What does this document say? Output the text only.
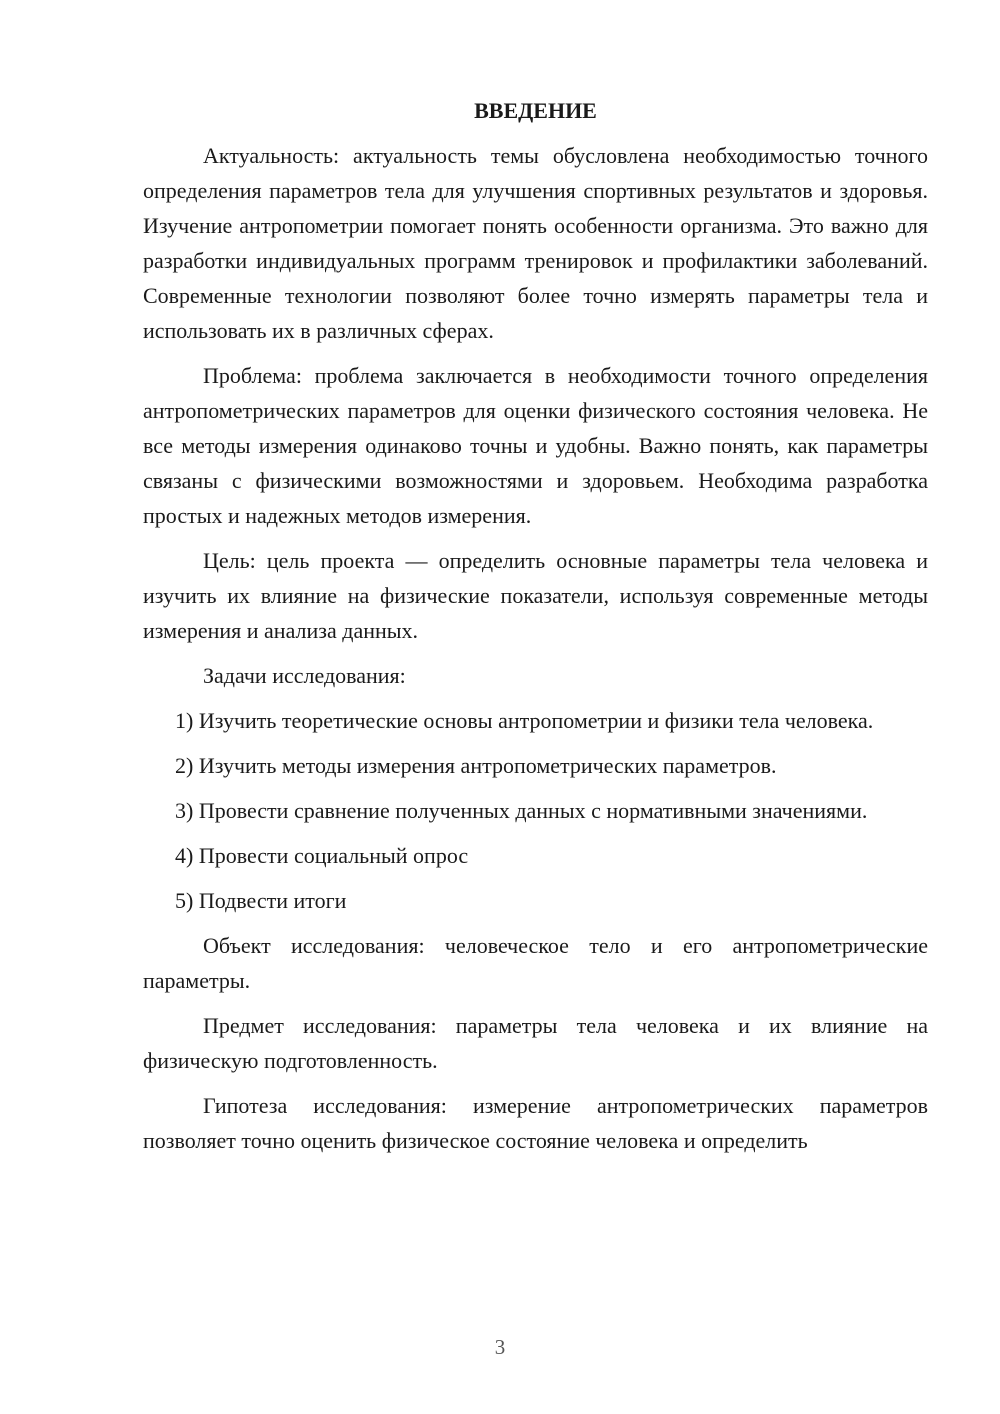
ВВЕДЕНИЕ

Актуальность: актуальность темы обусловлена необходимостью точного определения параметров тела для улучшения спортивных результатов и здоровья. Изучение антропометрии помогает понять особенности организма. Это важно для разработки индивидуальных программ тренировок и профилактики заболеваний. Современные технологии позволяют более точно измерять параметры тела и использовать их в различных сферах.

Проблема: проблема заключается в необходимости точного определения антропометрических параметров для оценки физического состояния человека. Не все методы измерения одинаково точны и удобны. Важно понять, как параметры связаны с физическими возможностями и здоровьем. Необходима разработка простых и надежных методов измерения.

Цель: цель проекта — определить основные параметры тела человека и изучить их влияние на физические показатели, используя современные методы измерения и анализа данных.

Задачи исследования:

1) Изучить теоретические основы антропометрии и физики тела человека.

2) Изучить методы измерения антропометрических параметров.

3) Провести сравнение полученных данных с нормативными значениями.

4) Провести социальный опрос

5) Подвести итоги

Объект исследования: человеческое тело и его антропометрические параметры.

Предмет исследования: параметры тела человека и их влияние на физическую подготовленность.

Гипотеза исследования: измерение антропометрических параметров позволяет точно оценить физическое состояние человека и определить

3
